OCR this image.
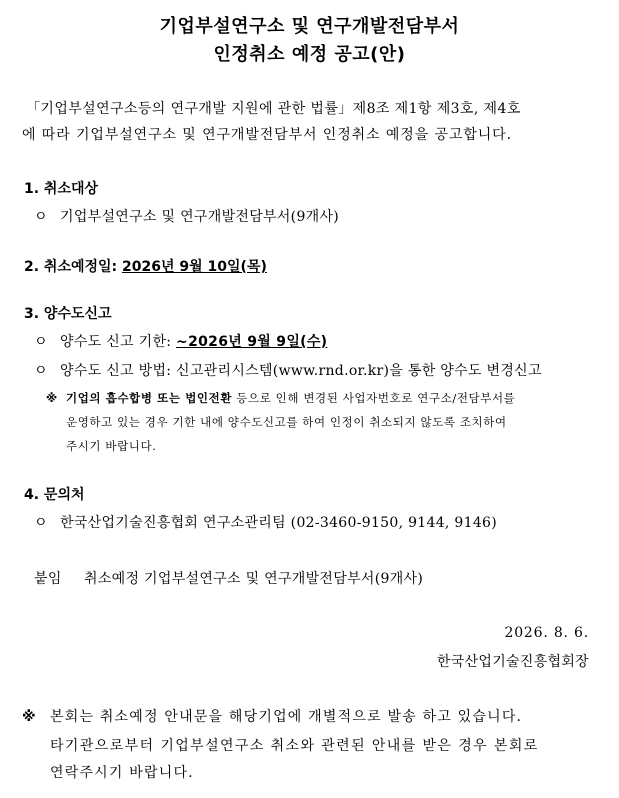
기업부설연구소 및 연구개발전담부서
인정취소 예정 공고(안)
「기업부설연구소등의 연구개발 지원에 관한 법률」제8조 제1항 제3호, 제4호
에 따라 기업부설연구소 및 연구개발전담부서 인정취소 예정을 공고합니다.
1. 취소대상
ㅇ 기업부설연구소 및 연구개발전담부서(9개사)
2. 취소예정일: 2026년 9월 10일(목)
3. 양수도신고
ㅇ 양수도 신고 기한: ~2026년 9월 9일(수)
ㅇ 양수도 신고 방법: 신고관리시스템(www.rnd.or.kr)을 통한 양수도 변경신고
※ 기업의 흡수합병 또는 법인전환 등으로 인해 변경된 사업자번호로 연구소/전담부서를
운영하고 있는 경우 기한 내에 양수도신고를 하여 인정이 취소되지 않도록 조치하여
주시기 바랍니다.
4. 문의처
ㅇ 한국산업기술진흥협회 연구소관리팀 (02-3460-9150, 9144, 9146)
붙임 취소예정 기업부설연구소 및 연구개발전담부서(9개사)
2026. 8. 6.
한국산업기술진흥협회장
※ 본회는 취소예정 안내문을 해당기업에 개별적으로 발송 하고 있습니다.
타기관으로부터 기업부설연구소 취소와 관련된 안내를 받은 경우 본회로
연락주시기 바랍니다.
